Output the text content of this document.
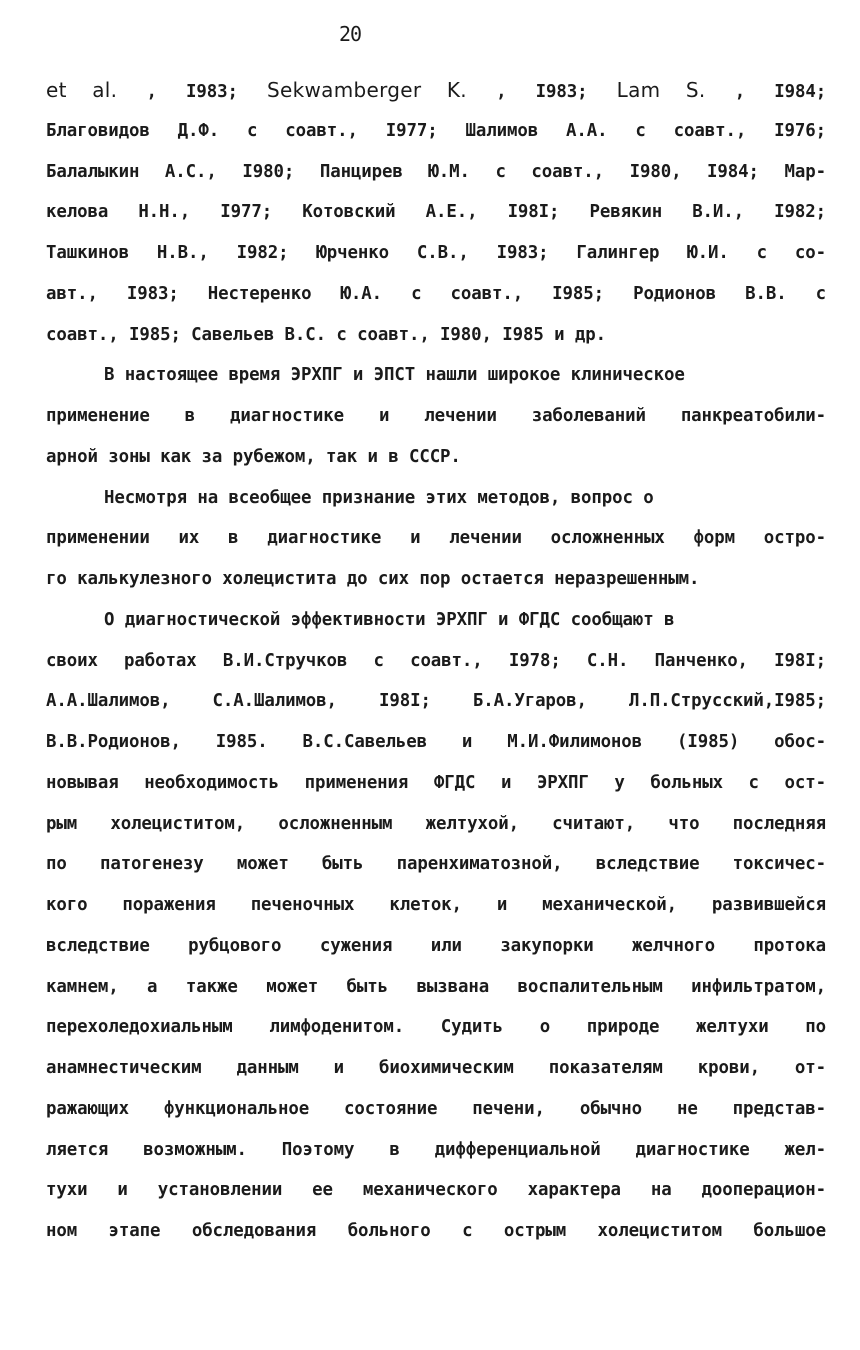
20
et al. , I983; Sekwamberger K. , I983; Lam S. , I984;
Благовидов Д.Ф. с соавт., I977; Шалимов А.А. с соавт., I976;
Балалыкин А.С., I980; Панцирев Ю.М. с соавт., I980, I984; Мар-
келова Н.Н., I977; Котовский А.Е., I98I; Ревякин В.И., I982;
Ташкинов Н.В., I982; Юрченко С.В., I983; Галингер Ю.И. с со-
авт., I983; Нестеренко Ю.А. с соавт., I985; Родионов В.В. с
соавт., I985; Савельев В.С. с соавт., I980, I985 и др.
В настоящее время ЭРХПГ и ЭПСТ нашли широкое клиническое
применение в диагностике и лечении заболеваний панкреатобили-
арной зоны как за рубежом, так и в СССР.
Несмотря на всеобщее признание этих методов, вопрос о
применении их в диагностике и лечении осложненных форм остро-
го калькулезного холецистита до сих пор остается неразрешенным.
О диагностической эффективности ЭРХПГ и ФГДС сообщают в
своих работах В.И.Стручков с соавт., I978; С.Н. Панченко, I98I;
А.А.Шалимов, С.А.Шалимов, I98I; Б.А.Угаров, Л.П.Струсский,I985;
В.В.Родионов, I985. В.С.Савельев и М.И.Филимонов (I985) обос-
новывая необходимость применения ФГДС и ЭРХПГ у больных с ост-
рым холециститом, осложненным желтухой, считают, что последняя
по патогенезу может быть паренхиматозной, вследствие токсичес-
кого поражения печеночных клеток, и механической, развившейся
вследствие рубцового сужения или закупорки желчного протока
камнем, а также может быть вызвана воспалительным инфильтратом,
перехоледохиальным лимфоденитом. Судить о природе желтухи по
анамнестическим данным и биохимическим показателям крови, от-
ражающих функциональное состояние печени, обычно не представ-
ляется возможным. Поэтому в дифференциальной диагностике жел-
тухи и установлении ее механического характера на дооперацион-
ном этапе обследования больного с острым холециститом большое
